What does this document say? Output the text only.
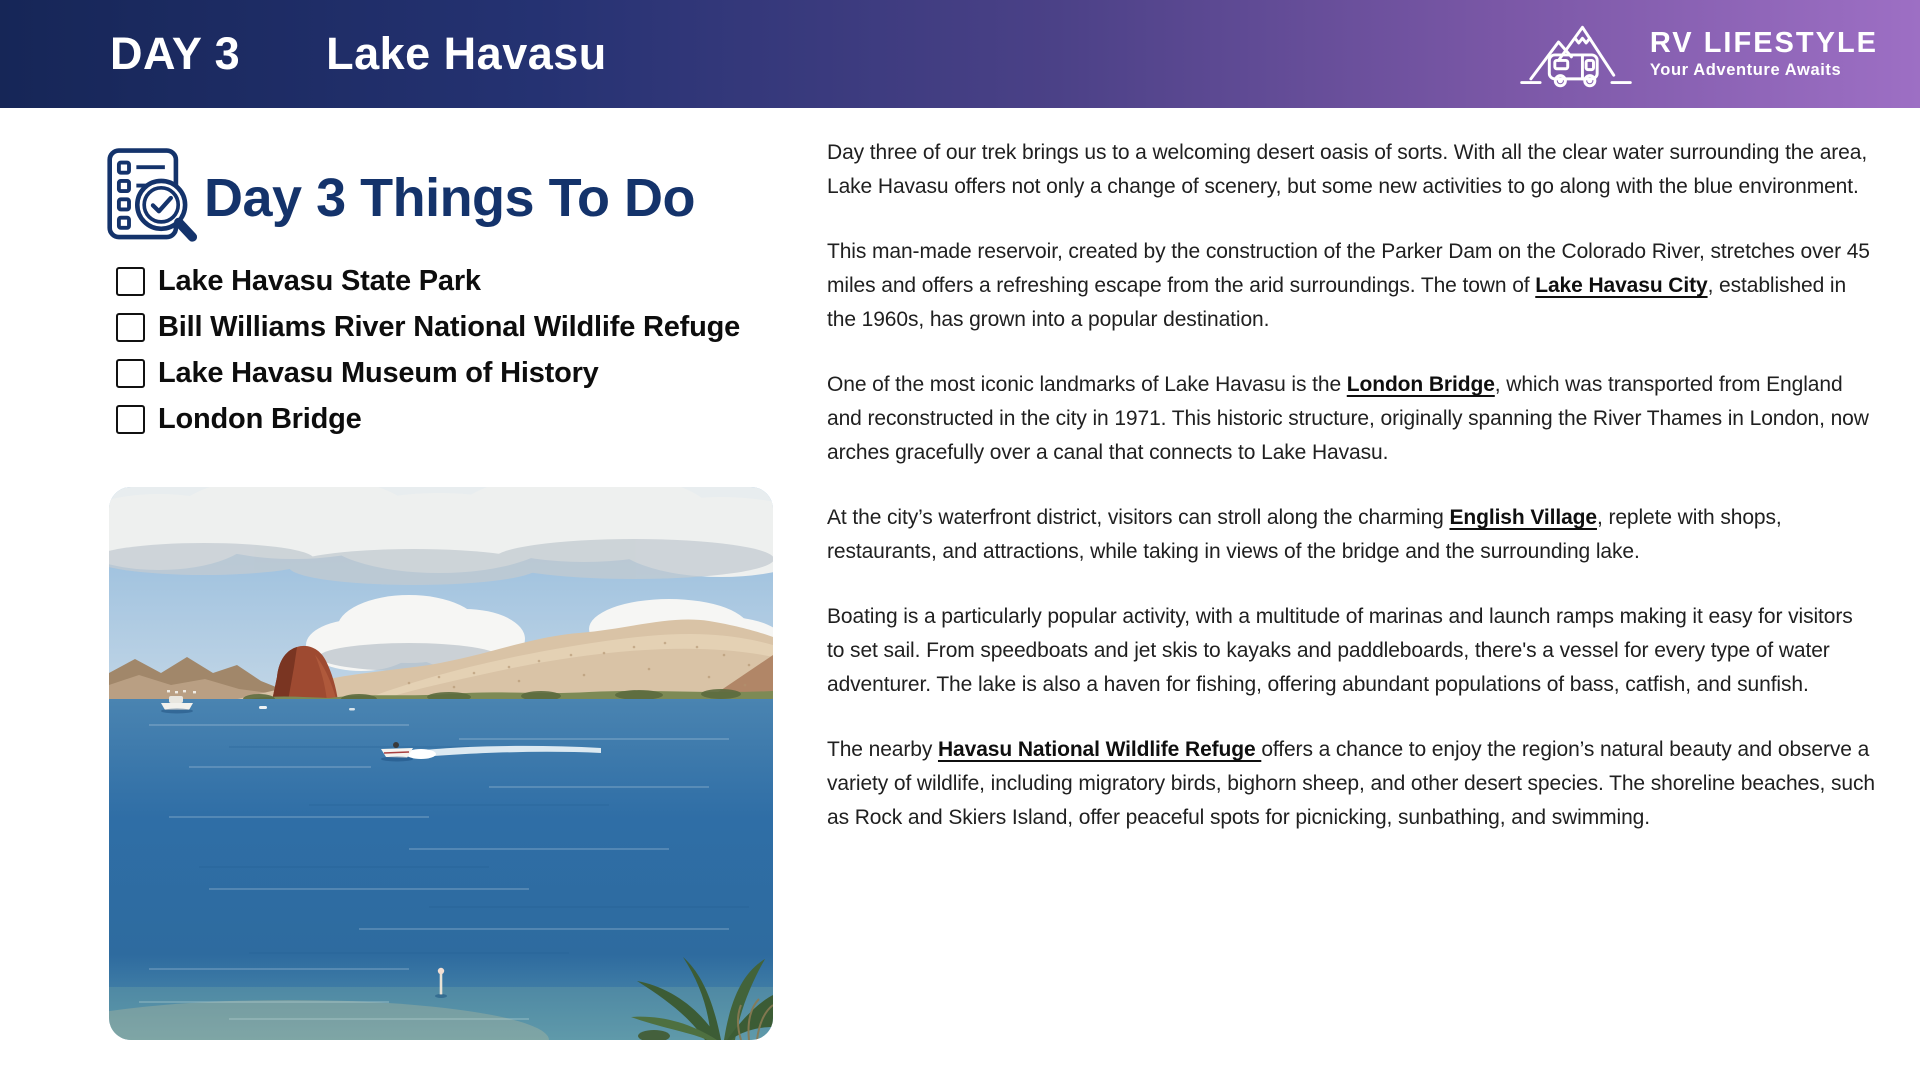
DAY 3 Lake Havasu	RV LIFESTYLE
Your Adventure Awaits
Day 3 Things To Do
Lake Havasu State Park
Bill Williams River National Wildlife Refuge
Lake Havasu Museum of History
London Bridge

Day three of our trek brings us to a welcoming desert oasis of sorts. With all the clear water surrounding the area, Lake Havasu offers not only a change of scenery, but some new activities to go along with the blue environment.

This man-made reservoir, created by the construction of the Parker Dam on the Colorado River, stretches over 45 miles and offers a refreshing escape from the arid surroundings. The town of Lake Havasu City, established in the 1960s, has grown into a popular destination.

One of the most iconic landmarks of Lake Havasu is the London Bridge, which was transported from England and reconstructed in the city in 1971. This historic structure, originally spanning the River Thames in London, now arches gracefully over a canal that connects to Lake Havasu.

At the city’s waterfront district, visitors can stroll along the charming English Village, replete with shops, restaurants, and attractions, while taking in views of the bridge and the surrounding lake.

Boating is a particularly popular activity, with a multitude of marinas and launch ramps making it easy for visitors to set sail. From speedboats and jet skis to kayaks and paddleboards, there's a vessel for every type of water adventurer. The lake is also a haven for fishing, offering abundant populations of bass, catfish, and sunfish.

The nearby Havasu National Wildlife Refuge offers a chance to enjoy the region’s natural beauty and observe a variety of wildlife, including migratory birds, bighorn sheep, and other desert species. The shoreline beaches, such as Rock and Skiers Island, offer peaceful spots for picnicking, sunbathing, and swimming.
